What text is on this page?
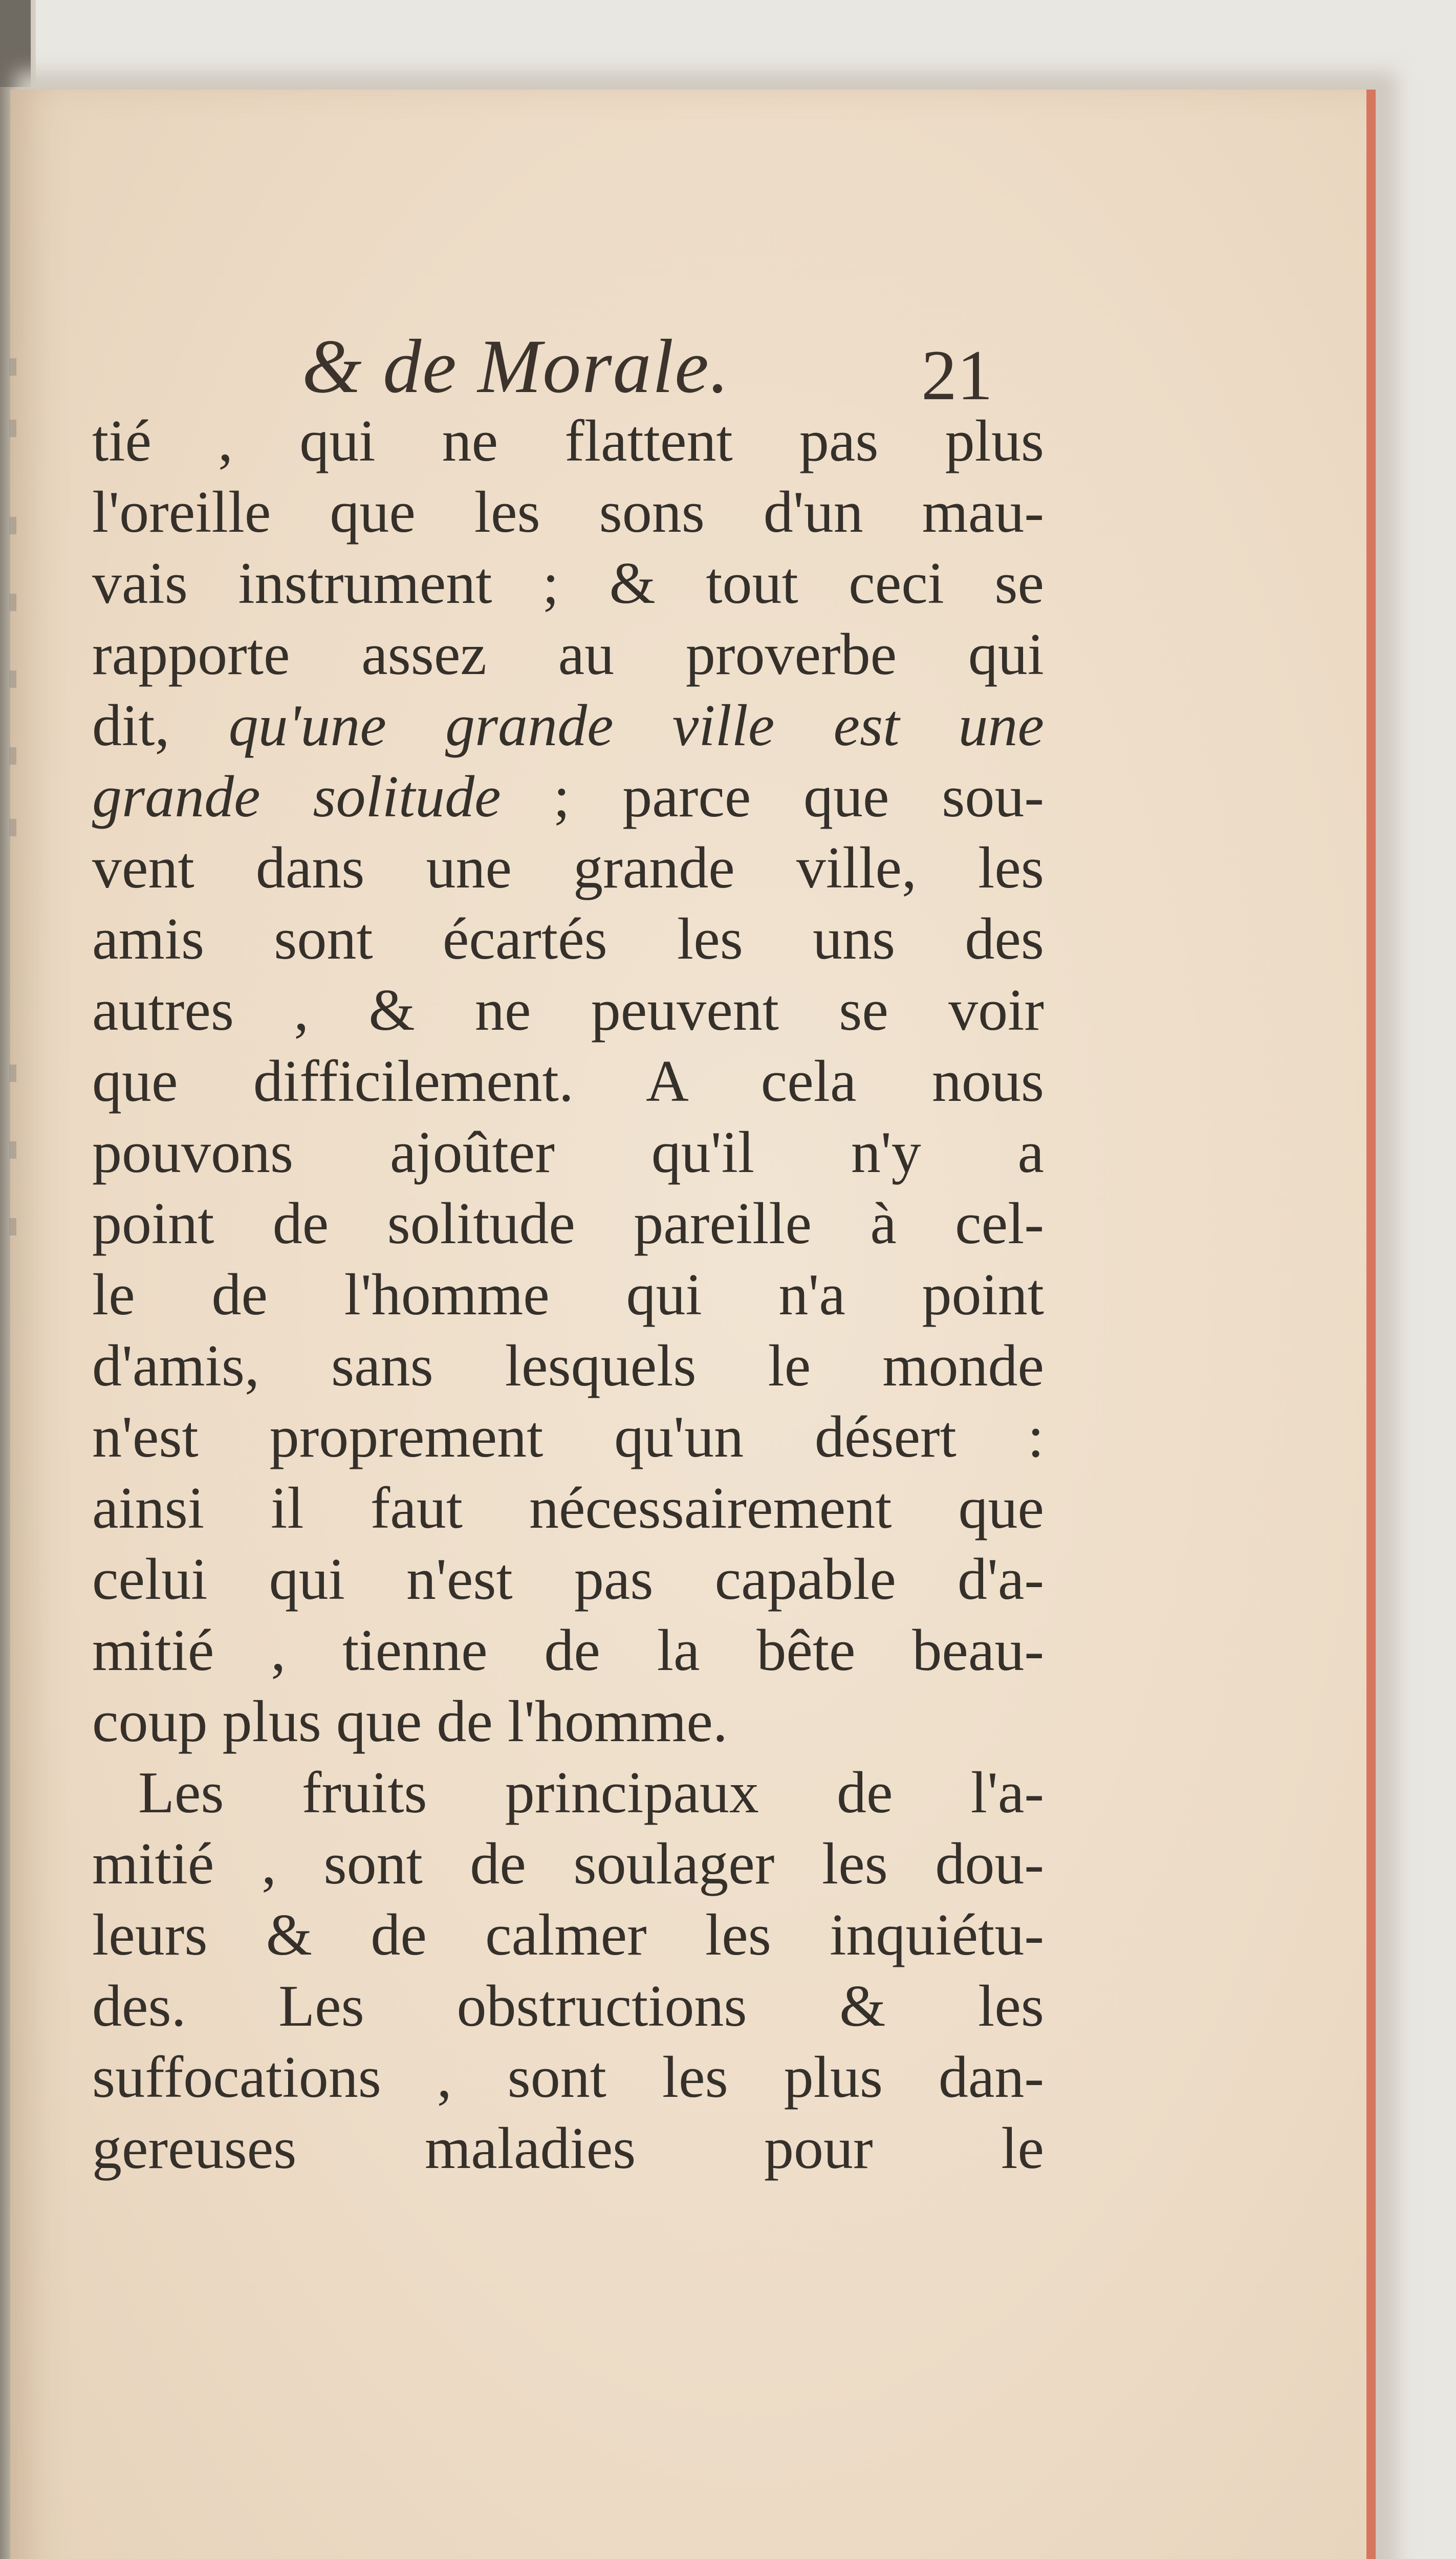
& de Morale.	21
tié , qui ne flattent pas plus
l'oreille que les sons d'un mau-
vais instrument ; & tout ceci se
rapporte assez au proverbe qui
dit, qu'une grande ville est une
grande solitude ; parce que sou-
vent dans une grande ville, les
amis sont écartés les uns des
autres , & ne peuvent se voir
que difficilement. A cela nous
pouvons ajoûter qu'il n'y a
point de solitude pareille à cel-
le de l'homme qui n'a point
d'amis, sans lesquels le monde
n'est proprement qu'un désert :
ainsi il faut nécessairement que
celui qui n'est pas capable d'a-
mitié , tienne de la bête beau-
coup plus que de l'homme.
Les fruits principaux de l'a-
mitié , sont de soulager les dou-
leurs & de calmer les inquiétu-
des. Les obstructions & les
suffocations , sont les plus dan-
gereuses maladies pour le
